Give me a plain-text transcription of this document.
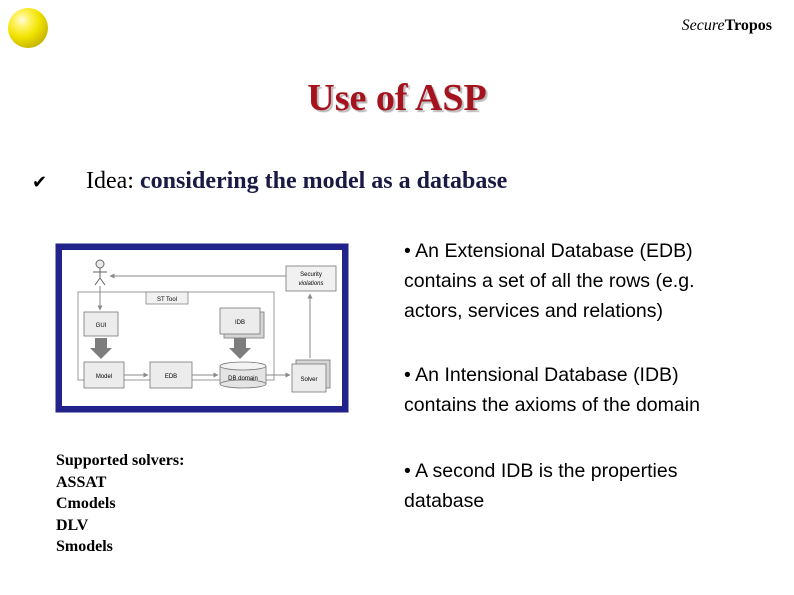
SecureTropos
Use of ASP
✔ Idea: considering the model as a database
Security
violations
ST Tool
GUI	IDB
Model	EDB	DB domain	Solver
Supported solvers:
ASSAT
Cmodels
DLV
Smodels

• An Extensional Database (EDB) contains a set of all the rows (e.g. actors, services and relations)

• An Intensional Database (IDB) contains the axioms of the domain

• A second IDB is the properties database
